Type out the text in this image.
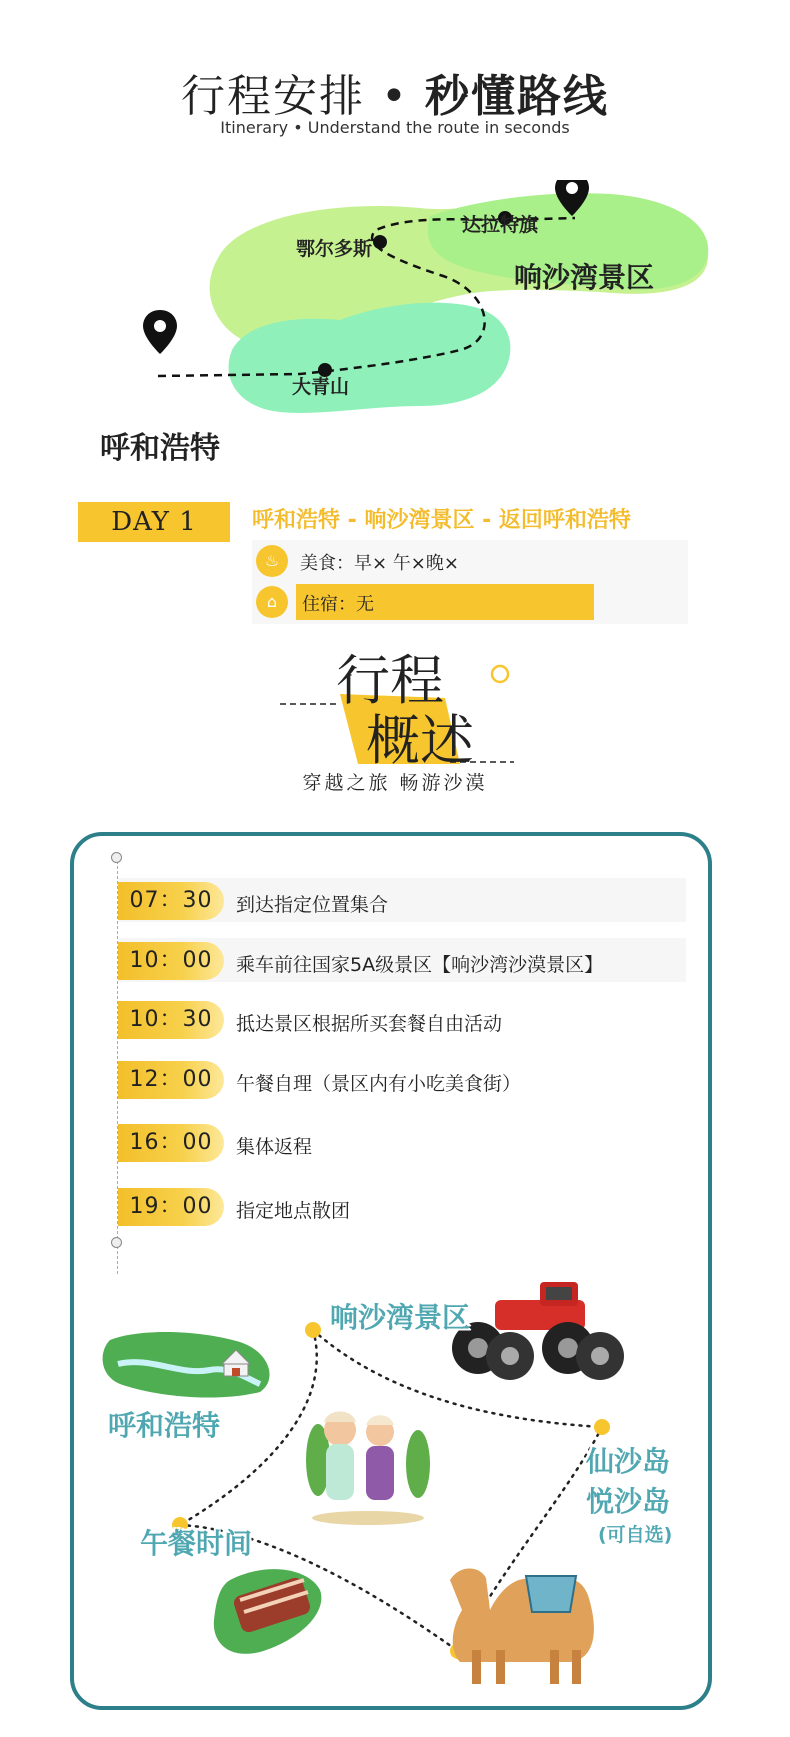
行程安排 • 秒懂路线
Itinerary • Understand the route in seconds
呼和浩特
大青山
鄂尔多斯
达拉特旗
响沙湾景区
DAY 1	呼和浩特 - 响沙湾景区 - 返回呼和浩特
♨	美食：早× 午×晚×
⌂	住宿：无
行程
概述
穿越之旅 畅游沙漠
07：30	到达指定位置集合
10：00	乘车前往国家5A级景区【响沙湾沙漠景区】
10：30	抵达景区根据所买套餐自由活动
12：00	午餐自理（景区内有小吃美食街）
16：00	集体返程
19：00	指定地点散团
响沙湾景区
呼和浩特
午餐时间
仙沙岛
悦沙岛
(可自选)
